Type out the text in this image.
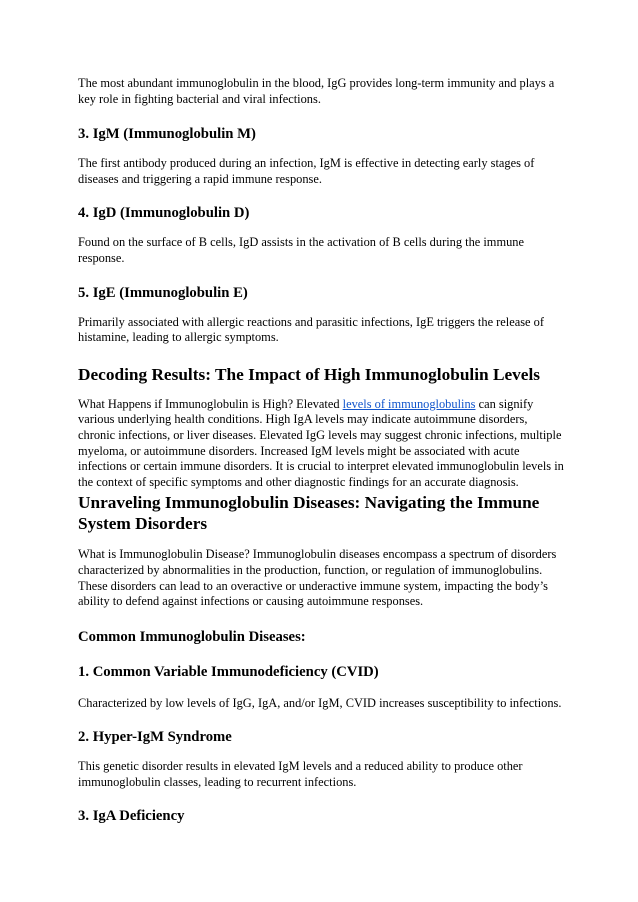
The most abundant immunoglobulin in the blood, IgG provides long-term immunity and plays a key role in fighting bacterial and viral infections.

3. IgM (Immunoglobulin M)

The first antibody produced during an infection, IgM is effective in detecting early stages of diseases and triggering a rapid immune response.

4. IgD (Immunoglobulin D)

Found on the surface of B cells, IgD assists in the activation of B cells during the immune response.

5. IgE (Immunoglobulin E)

Primarily associated with allergic reactions and parasitic infections, IgE triggers the release of histamine, leading to allergic symptoms.

Decoding Results: The Impact of High Immunoglobulin Levels

What Happens if Immunoglobulin is High? Elevated levels of immunoglobulins can signify various underlying health conditions. High IgA levels may indicate autoimmune disorders, chronic infections, or liver diseases. Elevated IgG levels may suggest chronic infections, multiple myeloma, or autoimmune disorders. Increased IgM levels might be associated with acute infections or certain immune disorders. It is crucial to interpret elevated immunoglobulin levels in the context of specific symptoms and other diagnostic findings for an accurate diagnosis.

Unraveling Immunoglobulin Diseases: Navigating the Immune System Disorders

What is Immunoglobulin Disease? Immunoglobulin diseases encompass a spectrum of disorders characterized by abnormalities in the production, function, or regulation of immunoglobulins. These disorders can lead to an overactive or underactive immune system, impacting the body’s ability to defend against infections or causing autoimmune responses.

Common Immunoglobulin Diseases:
1. Common Variable Immunodeficiency (CVID)

Characterized by low levels of IgG, IgA, and/or IgM, CVID increases susceptibility to infections.

2. Hyper-IgM Syndrome

This genetic disorder results in elevated IgM levels and a reduced ability to produce other immunoglobulin classes, leading to recurrent infections.

3. IgA Deficiency
